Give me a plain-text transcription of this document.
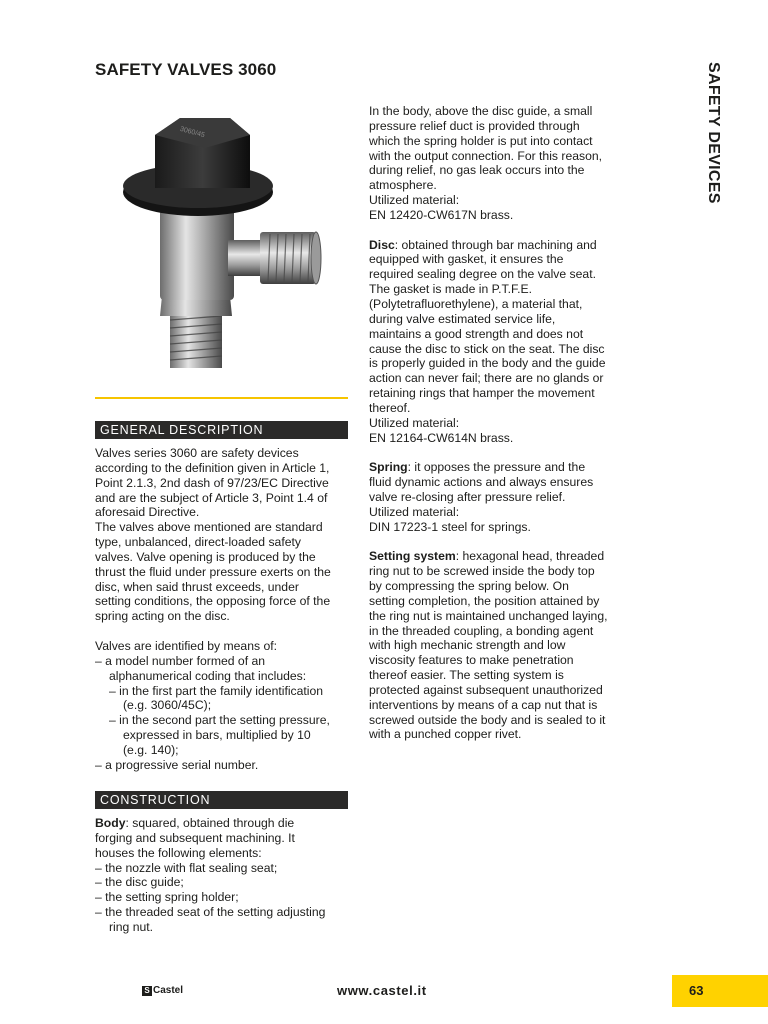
SAFETY VALVES 3060	SAFETY DEVICES
3060/45
GENERAL DESCRIPTION

Valves series 3060 are safety devices

according to the definition given in Article 1,

Point 2.1.3, 2nd dash of 97/23/EC Directive

and are the subject of Article 3, Point 1.4 of

aforesaid Directive.

The valves above mentioned are standard

type, unbalanced, direct-loaded safety

valves. Valve opening is produced by the

thrust the fluid under pressure exerts on the

disc, when said thrust exceeds, under

setting conditions, the opposing force of the

spring acting on the disc.

Valves are identified by means of:

– a model number formed of an

alphanumerical coding that includes:

– in the first part the family identification

(e.g. 3060/45C);

– in the second part the setting pressure,

expressed in bars, multiplied by 10

(e.g. 140);

– a progressive serial number.

CONSTRUCTION

Body: squared, obtained through die

forging and subsequent machining. It

houses the following elements:

– the nozzle with flat sealing seat;

– the disc guide;

– the setting spring holder;

– the threaded seat of the setting adjusting

ring nut.

In the body, above the disc guide, a small

pressure relief duct is provided through

which the spring holder is put into contact

with the output connection. For this reason,

during relief, no gas leak occurs into the

atmosphere.

Utilized material:

EN 12420-CW617N brass.

Disc: obtained through bar machining and

equipped with gasket, it ensures the

required sealing degree on the valve seat.

The gasket is made in P.T.F.E.

(Polytetrafluorethylene), a material that,

during valve estimated service life,

maintains a good strength and does not

cause the disc to stick on the seat. The disc

is properly guided in the body and the guide

action can never fail; there are no glands or

retaining rings that hamper the movement

thereof.

Utilized material:

EN 12164-CW614N brass.

Spring: it opposes the pressure and the

fluid dynamic actions and always ensures

valve re-closing after pressure relief.

Utilized material:

DIN 17223-1 steel for springs.

Setting system: hexagonal head, threaded

ring nut to be screwed inside the body top

by compressing the spring below. On

setting completion, the position attained by

the ring nut is maintained unchanged laying,

in the threaded coupling, a bonding agent

with high mechanic strength and low

viscosity features to make penetration

thereof easier. The setting system is

protected against subsequent unauthorized

interventions by means of a cap nut that is

screwed outside the body and is sealed to it

with a punched copper rivet.

S Castel	www.castel.it	63
